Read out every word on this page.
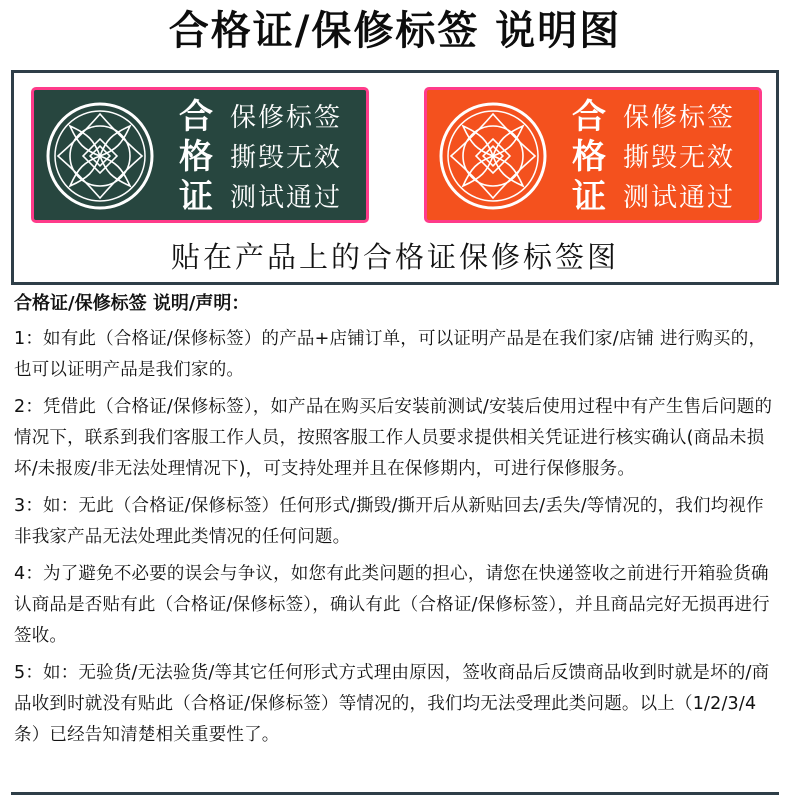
合格证/保修标签 说明图
合
格
证
保修标签
撕毁无效
测试通过
合
格
证
保修标签
撕毁无效
测试通过
贴在产品上的合格证保修标签图
合格证/保修标签 说明/声明：

1：如有此（合格证/保修标签）的产品+店铺订单，可以证明产品是在我们家/店铺 进行购买的，也可以证明产品是我们家的。

2：凭借此（合格证/保修标签），如产品在购买后安装前测试/安装后使用过程中有产生售后问题的情况下，联系到我们客服工作人员，按照客服工作人员要求提供相关凭证进行核实确认(商品未损坏/未报废/非无法处理情况下)，可支持处理并且在保修期内，可进行保修服务。

3：如：无此（合格证/保修标签）任何形式/撕毁/撕开后从新贴回去/丢失/等情况的，我们均视作非我家产品无法处理此类情况的任何问题。

4：为了避免不必要的误会与争议，如您有此类问题的担心，请您在快递签收之前进行开箱验货确认商品是否贴有此（合格证/保修标签），确认有此（合格证/保修标签），并且商品完好无损再进行签收。

5：如：无验货/无法验货/等其它任何形式方式理由原因，签收商品后反馈商品收到时就是坏的/商品收到时就没有贴此（合格证/保修标签）等情况的，我们均无法受理此类问题。以上（1/2/3/4条）已经告知清楚相关重要性了。
